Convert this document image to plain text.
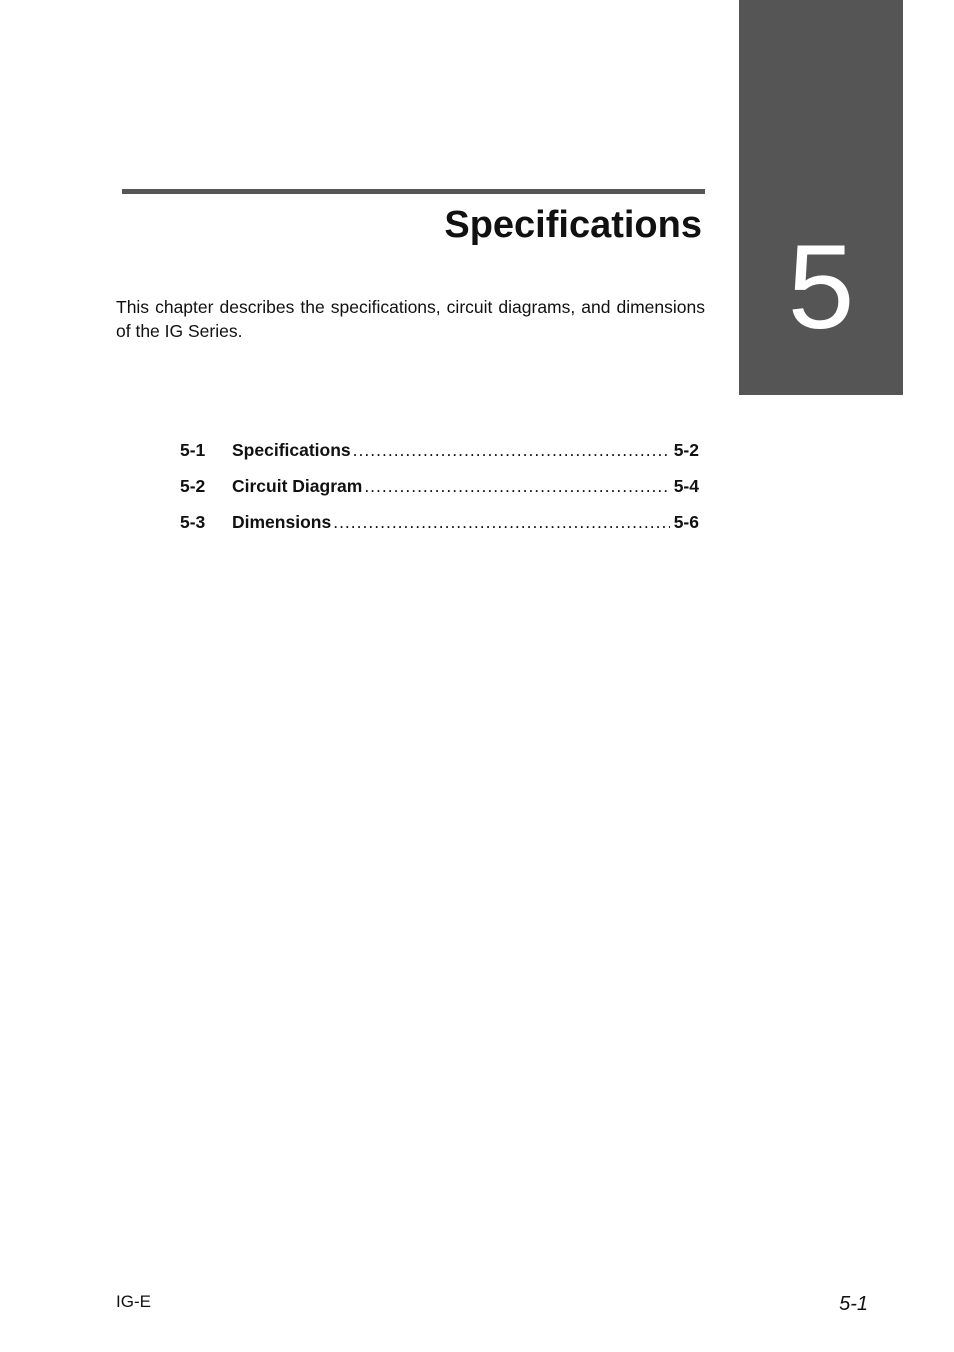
5
Specifications

This chapter describes the specifications, circuit diagrams, and dimensions of the IG Series.

5-1	Specifications .....	5-2
5-2	Circuit Diagram .....	5-4
5-3	Dimensions .....	5-6
IG-E	5-1
